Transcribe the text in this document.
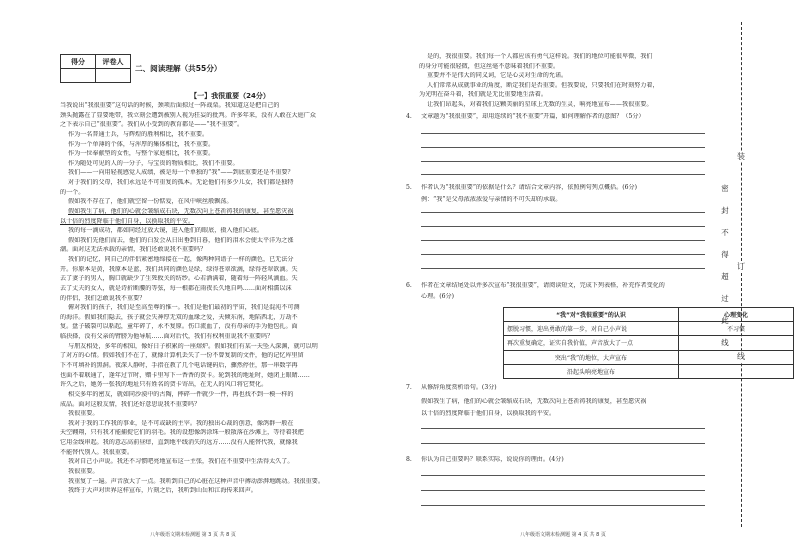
得分	评卷人

二、阅读理解（共55分）
【一】我很重要（24分）

当我说出“我很重要”这句话的时候，颈项后面掠过一阵战栗。我知道这是把自己的

颈头抛露在了显要地带，我立刻会遭到被别人视为狂妄的批判。许多年来，没有人敢在大庭广众

之下表示自己“很重要”。我们从小受到的教育都是——“我不重要”。

作为一名普通士兵，与辉煌的胜利相比，我不重要。

作为一个单薄的个体，与浑厚的集体相比，我不重要。

作为一位奉献型的女性，与整个家庭相比，我不重要。

作为随处可见的人的一分子，与宝贵的物质相比，我们不重要。

我们——一向用轻视感觉人成绩，被是每一个单独的“我”——到底重要还是不重要？

对于我们的父母，我们永远是不可重复的孤本。无论他们有多少儿女，我们都是独特

的一个。

假如我不存在了，他们就空留一份惦爱，在风中峡丝般飘荡。

假如我生了病，他们的心就会皱缩成石块，无数次向上苍祈祷我的康复，甚至愿灾祸

以十倍的烈度降临于他们自身，以换取我的平安。

我的每一滴成功，都如同经过放大镜，进入他们的眼底，摄入他们心底。

假如我们先他们而去，他们的白发会从日出垂到日暮，他们的泪水会使太平洋为之涨

潮。面对这无法承载的亲情，我们还敢说我不重要吗？

我们的记忆，同自己的伴侣紧密地缔接在一起，像两种同谱子一样的颜色，已无法分

开。你原本是黄，我原本是蓝，我们共同的颜色是绿，绿得苍翠欲滴，绿得苍翠欲滴。失

去了妻子的男人，胸口就缺少了生死攸关的纺纱。心若酒满着，随着每一阵轻风滴血。失

去了丈夫的女人，就是诗折断腰的等弦，每一根都在雨夜长久地自鸣……面对相濡以沫

的伴侣，我们怎敢说我不重要？

俯对我们的孩子，我们是至高至尊的惟一。我们是他们最初的宇宙，我们是混沌不可测

的海洋。假如我们隐去，孩子就会失神厚无双的血缘之爱，天倾东南，地陷西北，万劫不

复。盘子破裂可以粘起，童年碎了，永不复原。伤口流血了，没有母亲的手为他包扎。面

临抉择，没有父亲的臂膀为他导航……面对后代，我们有权利重说我不重要吗？

与朋友相处，多年的相知，像好日子积累的一座熔炉。假如我们有某一天坠入深渊，就可以明

了对方的心情。假如我们不在了，就像计算机丢失了一份不曾复制的文件，他的记忆库里留

下不可填补的黑洞。夜深人静时，手指在教了几个电话键码后，骤然停住，那一串数字再

也面不着联通了，逢年过节时，赠卡里写下一香香的贺卡。轮到我的地址时，她闭上眼睛……

许久之后，她务一张我的地址只有姓名的贺卡寄出，在无人的风口将它焚化。

相交多年的密友，就如同沙漠中的古陶，摔碎一件就少一件，再也找不到一模一样的

成品。面对这般友情，我们还好意思说我不重要吗？

我很重要。

我对于我的工作我的事业，是不可或缺的主宰。我的独出心裁的创意，像鸽群一般在

天空翱翔，只有我才能捕捉它们的羽毛。我的设想像鸽涂珠一般散落在沙滩上，等待着我把

它用金线串起。我的意志高前昼痒，直到地平线消失的远方……没有人能替代我，就像我

不能替代别人。我很重要。

我对自己小声说。我还不习惯吧亮地宣布这一主张，我们在不重要中生活得太久了。

我很重要。

我重复了一遍。声音放大了一点。我听到自己的心脏在这种声音中搏动澎湃地跳动。我很重要。

我终于大声对世界这样宣布，片刻之后，我听到山岳和江海传来回声。

是的，我很重要。我们每一个人都应该有勇气这样说。我们的地位可能很卑微，我们

的身分可能很轻微，但这丝毫不意味着我们不重要。

重要并不是伟大的同义词，它是心灵对生命的允诺。

人们常常从成就事业的角度，断定我们是否重要。但我要说，只要我们在时刻努力着，

为光明在奋斗着，我们就是无比重要地生活着。

让我们昂起头，对着我们这颗美丽的星球上无数的生灵，响亮地宣布——我很重要。

4. 文章题为“我很重要”，却用连续的“我不重要”开篇，如何理解作者的意图？（5分）

5. 作者认为“我很重要”的依据是什么？请结合文章内容，依照例句列点概括。(6分)

例：“我”是父母浓浓浓爱与亲情的不可失却的承载。

6. 作者在文章结尾处以并多次宣布“我很重要”，请阅读短文，完成下列表格，补充作者变化的

心理。(6分)

“我”对“我很重要”的认识	心理变化
摆脱习惯，迎出勇敢的第一步，对自己小声说	不习惯
再次重复确定，证实自我价值，声音放大了一点	
突出“我”的地位，大声宣布	
沿起头响亮地宣布	

7. 从修辞角度赏析语句。(3分)

假如我生了病，他们的心就会皱缩成石块，无数次向上苍祈祷我的康复，甚至愿灾祸

以十倍的烈度降临于他们自身，以换取我的平安。

8. 你认为自己重要吗？联系实际，说说你的理由。(4分)

八年级语文期末检测题 第 3 页 共 8 页	八年级语文期末检测题 第 4 页 共 8 页
装
订
线
密
封
不
得
超
过
此
线
